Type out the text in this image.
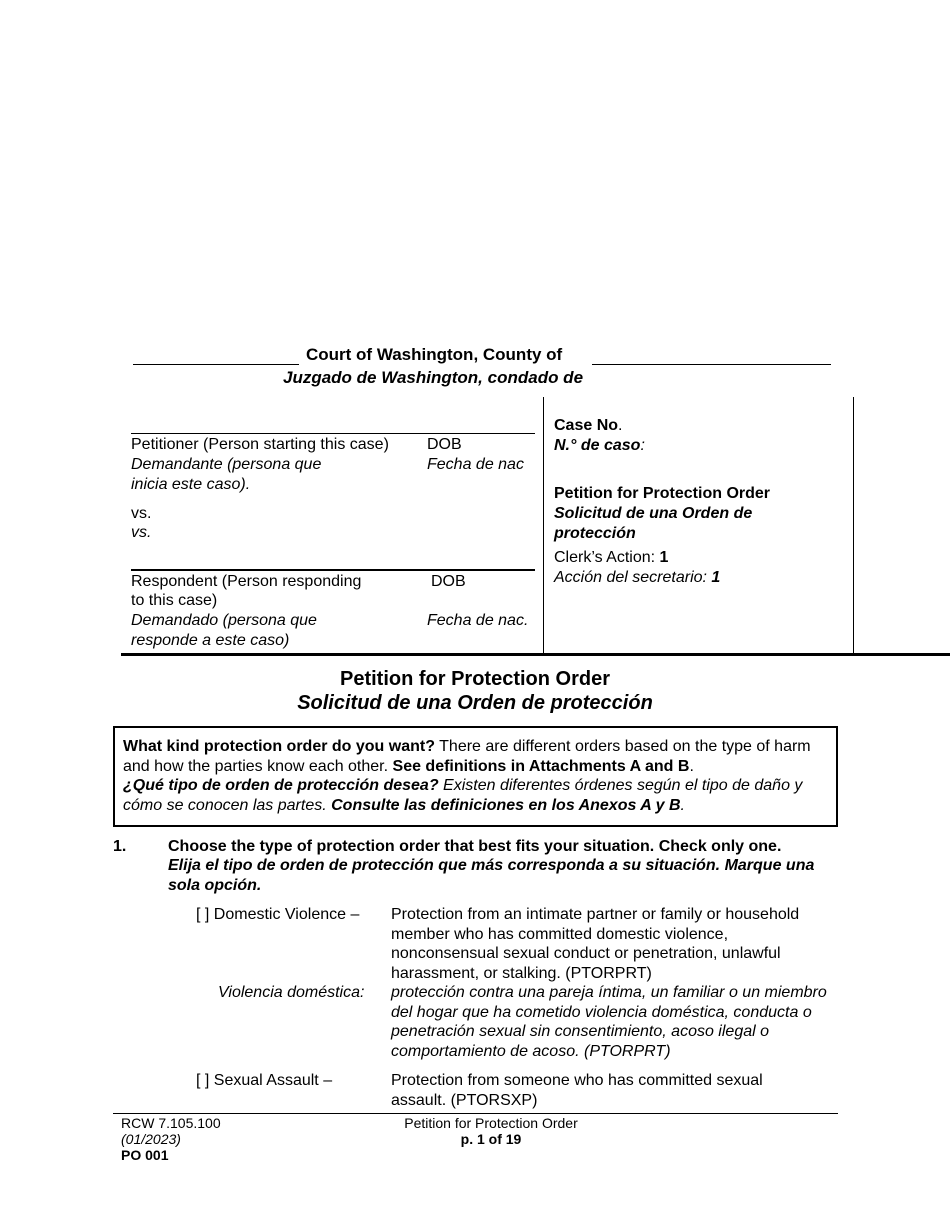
Court of Washington, County of
Juzgado de Washington, condado de
Petitioner (Person starting this case) DOB
Demandante (persona que	Fecha de nac
inicia este caso).
vs.
vs.
Respondent (Person responding	DOB
to this case)
Demandado (persona que	Fecha de nac.
responde a este caso)
Case No.
N.° de caso:
Petition for Protection Order
Solicitud de una Orden de
protección
Clerk’s Action: 1
Acción del secretario: 1
Petition for Protection Order
Solicitud de una Orden de protección
What kind protection order do you want? There are different orders based on the type of harm and how the parties know each other. See definitions in Attachments A and B.
¿Qué tipo de orden de protección desea? Existen diferentes órdenes según el tipo de daño y cómo se conocen las partes. Consulte las definiciones en los Anexos A y B.
1.	Choose the type of protection order that best fits your situation. Check only one.
Elija el tipo de orden de protección que más corresponda a su situación. Marque una sola opción.
[ ] Domestic Violence – Protection from an intimate partner or family or household member who has committed domestic violence, nonconsensual sexual conduct or penetration, unlawful harassment, or stalking. (PTORPRT)
Violencia doméstica: protección contra una pareja íntima, un familiar o un miembro del hogar que ha cometido violencia doméstica, conducta o penetración sexual sin consentimiento, acoso ilegal o comportamiento de acoso. (PTORPRT)
[ ] Sexual Assault –	Protection from someone who has committed sexual assault. (PTORSXP)
RCW 7.105.100
(01/2023)
PO 001
Petition for Protection Order
p. 1 of 19
